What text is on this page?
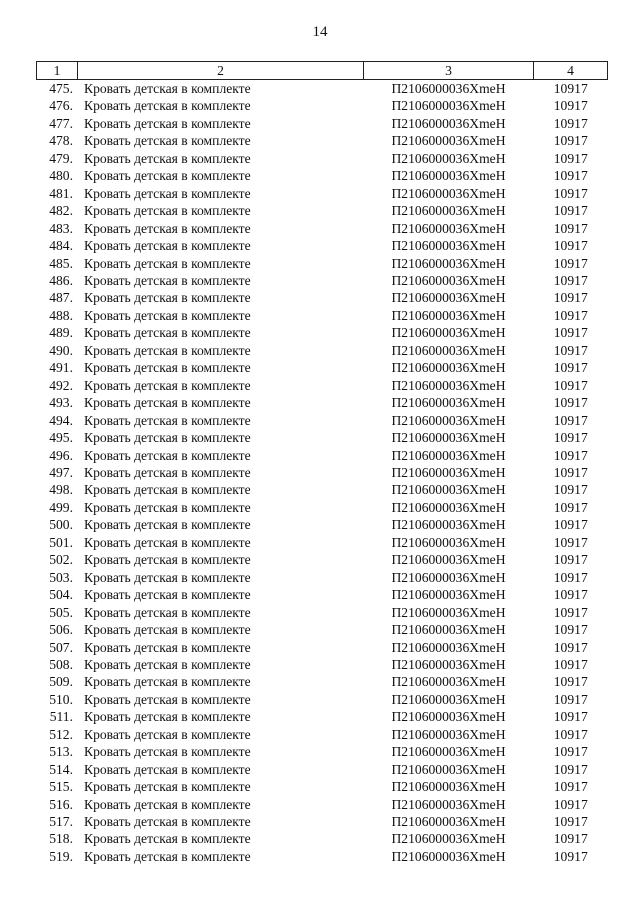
14
1	2	3	4
475.	Кровать детская в комплекте	П2106000036ХmeH	10917
476.	Кровать детская в комплекте	П2106000036ХmeH	10917
477.	Кровать детская в комплекте	П2106000036ХmeH	10917
478.	Кровать детская в комплекте	П2106000036ХmeH	10917
479.	Кровать детская в комплекте	П2106000036ХmeH	10917
480.	Кровать детская в комплекте	П2106000036ХmeH	10917
481.	Кровать детская в комплекте	П2106000036ХmeH	10917
482.	Кровать детская в комплекте	П2106000036ХmeH	10917
483.	Кровать детская в комплекте	П2106000036ХmeH	10917
484.	Кровать детская в комплекте	П2106000036ХmeH	10917
485.	Кровать детская в комплекте	П2106000036ХmeH	10917
486.	Кровать детская в комплекте	П2106000036ХmeH	10917
487.	Кровать детская в комплекте	П2106000036ХmeH	10917
488.	Кровать детская в комплекте	П2106000036ХmeH	10917
489.	Кровать детская в комплекте	П2106000036ХmeH	10917
490.	Кровать детская в комплекте	П2106000036ХmeH	10917
491.	Кровать детская в комплекте	П2106000036ХmeH	10917
492.	Кровать детская в комплекте	П2106000036ХmeH	10917
493.	Кровать детская в комплекте	П2106000036ХmeH	10917
494.	Кровать детская в комплекте	П2106000036ХmeH	10917
495.	Кровать детская в комплекте	П2106000036ХmeH	10917
496.	Кровать детская в комплекте	П2106000036ХmeH	10917
497.	Кровать детская в комплекте	П2106000036ХmeH	10917
498.	Кровать детская в комплекте	П2106000036ХmeH	10917
499.	Кровать детская в комплекте	П2106000036ХmeH	10917
500.	Кровать детская в комплекте	П2106000036ХmeH	10917
501.	Кровать детская в комплекте	П2106000036ХmeH	10917
502.	Кровать детская в комплекте	П2106000036ХmeH	10917
503.	Кровать детская в комплекте	П2106000036ХmeH	10917
504.	Кровать детская в комплекте	П2106000036ХmeH	10917
505.	Кровать детская в комплекте	П2106000036ХmeH	10917
506.	Кровать детская в комплекте	П2106000036ХmeH	10917
507.	Кровать детская в комплекте	П2106000036ХmeH	10917
508.	Кровать детская в комплекте	П2106000036ХmeH	10917
509.	Кровать детская в комплекте	П2106000036ХmeH	10917
510.	Кровать детская в комплекте	П2106000036ХmeH	10917
511.	Кровать детская в комплекте	П2106000036ХmeH	10917
512.	Кровать детская в комплекте	П2106000036ХmeH	10917
513.	Кровать детская в комплекте	П2106000036ХmeH	10917
514.	Кровать детская в комплекте	П2106000036ХmeH	10917
515.	Кровать детская в комплекте	П2106000036ХmeH	10917
516.	Кровать детская в комплекте	П2106000036ХmeH	10917
517.	Кровать детская в комплекте	П2106000036ХmeH	10917
518.	Кровать детская в комплекте	П2106000036ХmeH	10917
519.	Кровать детская в комплекте	П2106000036ХmeH	10917
